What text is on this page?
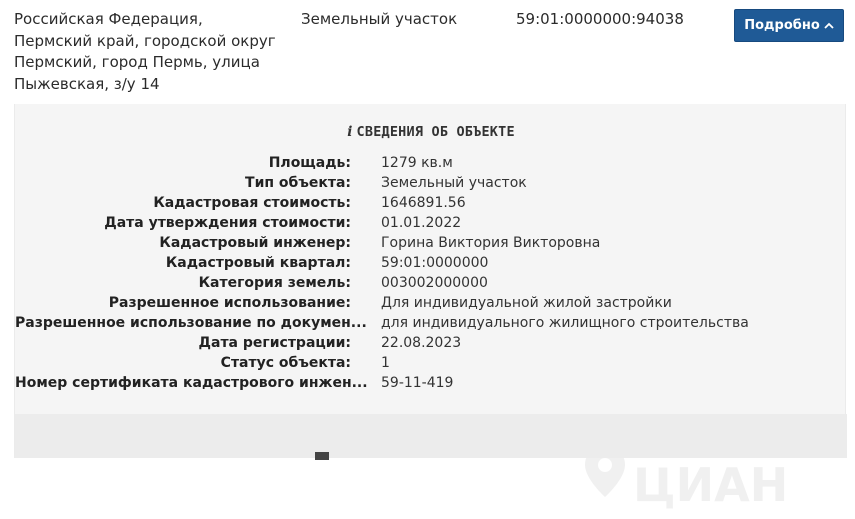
Российская Федерация, Пермский край, городской округ Пермский, город Пермь, улица Пыжевская, з/у 14
Земельный участок	59:01:0000000:94038	Подробно
i СВЕДЕНИЯ ОБ ОБЪЕКТЕ
Площадь: 1279 кв.м
Тип объекта: Земельный участок
Кадастровая стоимость: 1646891.56
Дата утверждения стоимости: 01.01.2022
Кадастровый инженер: Горина Виктория Викторовна
Кадастровый квартал: 59:01:0000000
Категория земель: 003002000000
Разрешенное использование: Для индивидуальной жилой застройки
Разрешенное использование по докумен... для индивидуального жилищного строительства
Дата регистрации: 22.08.2023
Статус объекта: 1
Номер сертификата кадастрового инжен... 59-11-419
ЦИАН
